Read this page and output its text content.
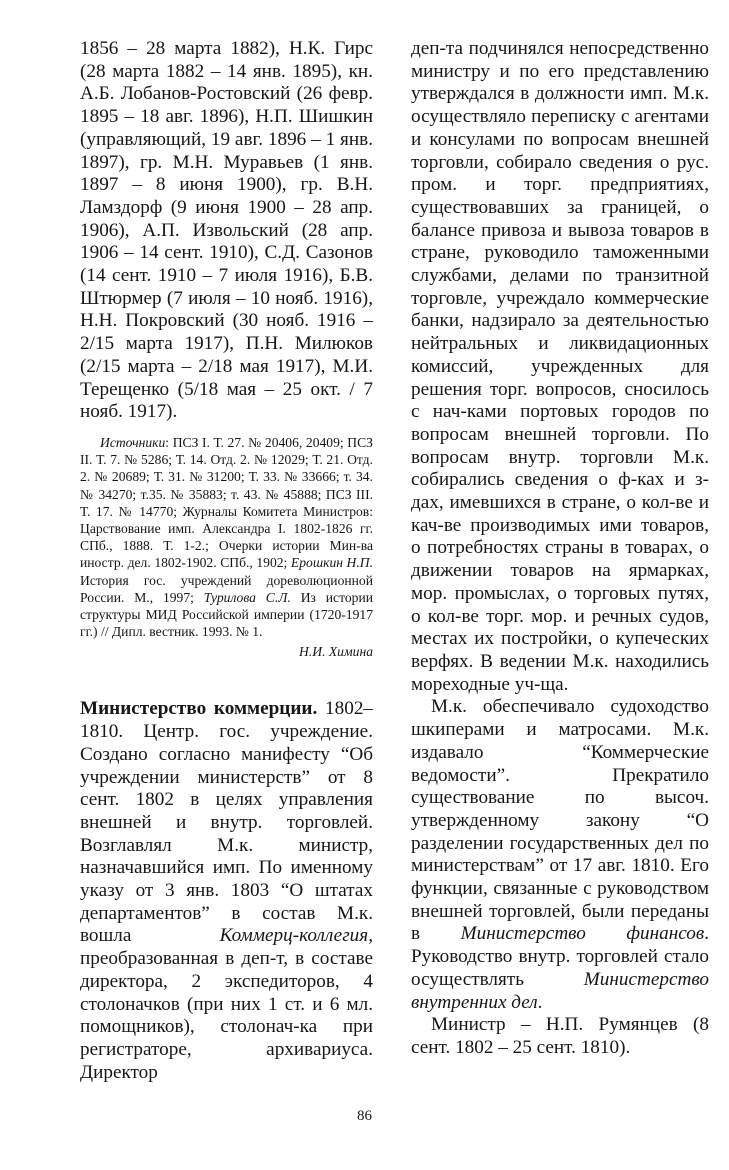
1856 – 28 марта 1882), Н.К. Гирс (28 марта 1882 – 14 янв. 1895), кн. А.Б. Лобанов-Ростовский (26 февр. 1895 – 18 авг. 1896), Н.П. Шишкин (управляющий, 19 авг. 1896 – 1 янв. 1897), гр. М.Н. Муравьев (1 янв. 1897 – 8 июня 1900), гр. В.Н. Ламздорф (9 июня 1900 – 28 апр. 1906), А.П. Извольский (28 апр. 1906 – 14 сент. 1910), С.Д. Сазонов (14 сент. 1910 – 7 июля 1916), Б.В. Штюрмер (7 июля – 10 нояб. 1916), Н.Н. Покровский (30 нояб. 1916 – 2/15 марта 1917), П.Н. Милюков (2/15 марта – 2/18 мая 1917), М.И. Терещенко (5/18 мая – 25 окт. / 7 нояб. 1917).

Источники: ПСЗ I. Т. 27. № 20406, 20409; ПСЗ II. Т. 7. № 5286; Т. 14. Отд. 2. № 12029; Т. 21. Отд. 2. № 20689; Т. 31. № 31200; Т. 33. № 33666; т. 34. № 34270; т.35. № 35883; т. 43. № 45888; ПСЗ III. Т. 17. № 14770; Журналы Комитета Министров: Царствование имп. Александра I. 1802-1826 гг. СПб., 1888. Т. 1-2.; Очерки истории Мин-ва иностр. дел. 1802-1902. СПб., 1902; Ерошкин Н.П. История гос. учреждений дореволюционной России. М., 1997; Турилова С.Л. Из истории структуры МИД Российской империи (1720-1917 гг.) // Дипл. вестник. 1993. № 1.

Н.И. Химина

Министерство коммерции. 1802–1810. Центр. гос. учреждение. Создано согласно манифесту “Об учреждении министерств” от 8 сент. 1802 в целях управления внешней и внутр. торговлей. Возглавлял М.к. министр, назначавшийся имп. По именному указу от 3 янв. 1803 “О штатах департаментов” в состав М.к. вошла Коммерц-коллегия, преобразованная в деп-т, в составе директора, 2 экспедиторов, 4 столоначков (при них 1 ст. и 6 мл. помощников), столонач-ка при регистраторе, архивариуса. Директор

деп-та подчинялся непосредственно министру и по его представлению утверждался в должности имп. М.к. осуществляло переписку с агентами и консулами по вопросам внешней торговли, собирало сведения о рус. пром. и торг. предприятиях, существовавших за границей, о балансе привоза и вывоза товаров в стране, руководило таможенными службами, делами по транзитной торговле, учреждало коммерческие банки, надзирало за деятельностью нейтральных и ликвидационных комиссий, учрежденных для решения торг. вопросов, сносилось с нач-ками портовых городов по вопросам внешней торговли. По вопросам внутр. торговли М.к. собирались сведения о ф-ках и з-дах, имевшихся в стране, о кол-ве и кач-ве производимых ими товаров, о потребностях страны в товарах, о движении товаров на ярмарках, мор. промыслах, о торговых путях, о кол-ве торг. мор. и речных судов, местах их постройки, о купеческих верфях. В ведении М.к. находились мореходные уч-ща.

М.к. обеспечивало судоходство шкиперами и матросами. М.к. издавало “Коммерческие ведомости”. Прекратило существование по высоч. утвержденному закону “О разделении государственных дел по министерствам” от 17 авг. 1810. Его функции, связанные с руководством внешней торговлей, были переданы в Министерство финансов. Руководство внутр. торговлей стало осуществлять Министерство внутренних дел.

Министр – Н.П. Румянцев (8 сент. 1802 – 25 сент. 1810).

86
